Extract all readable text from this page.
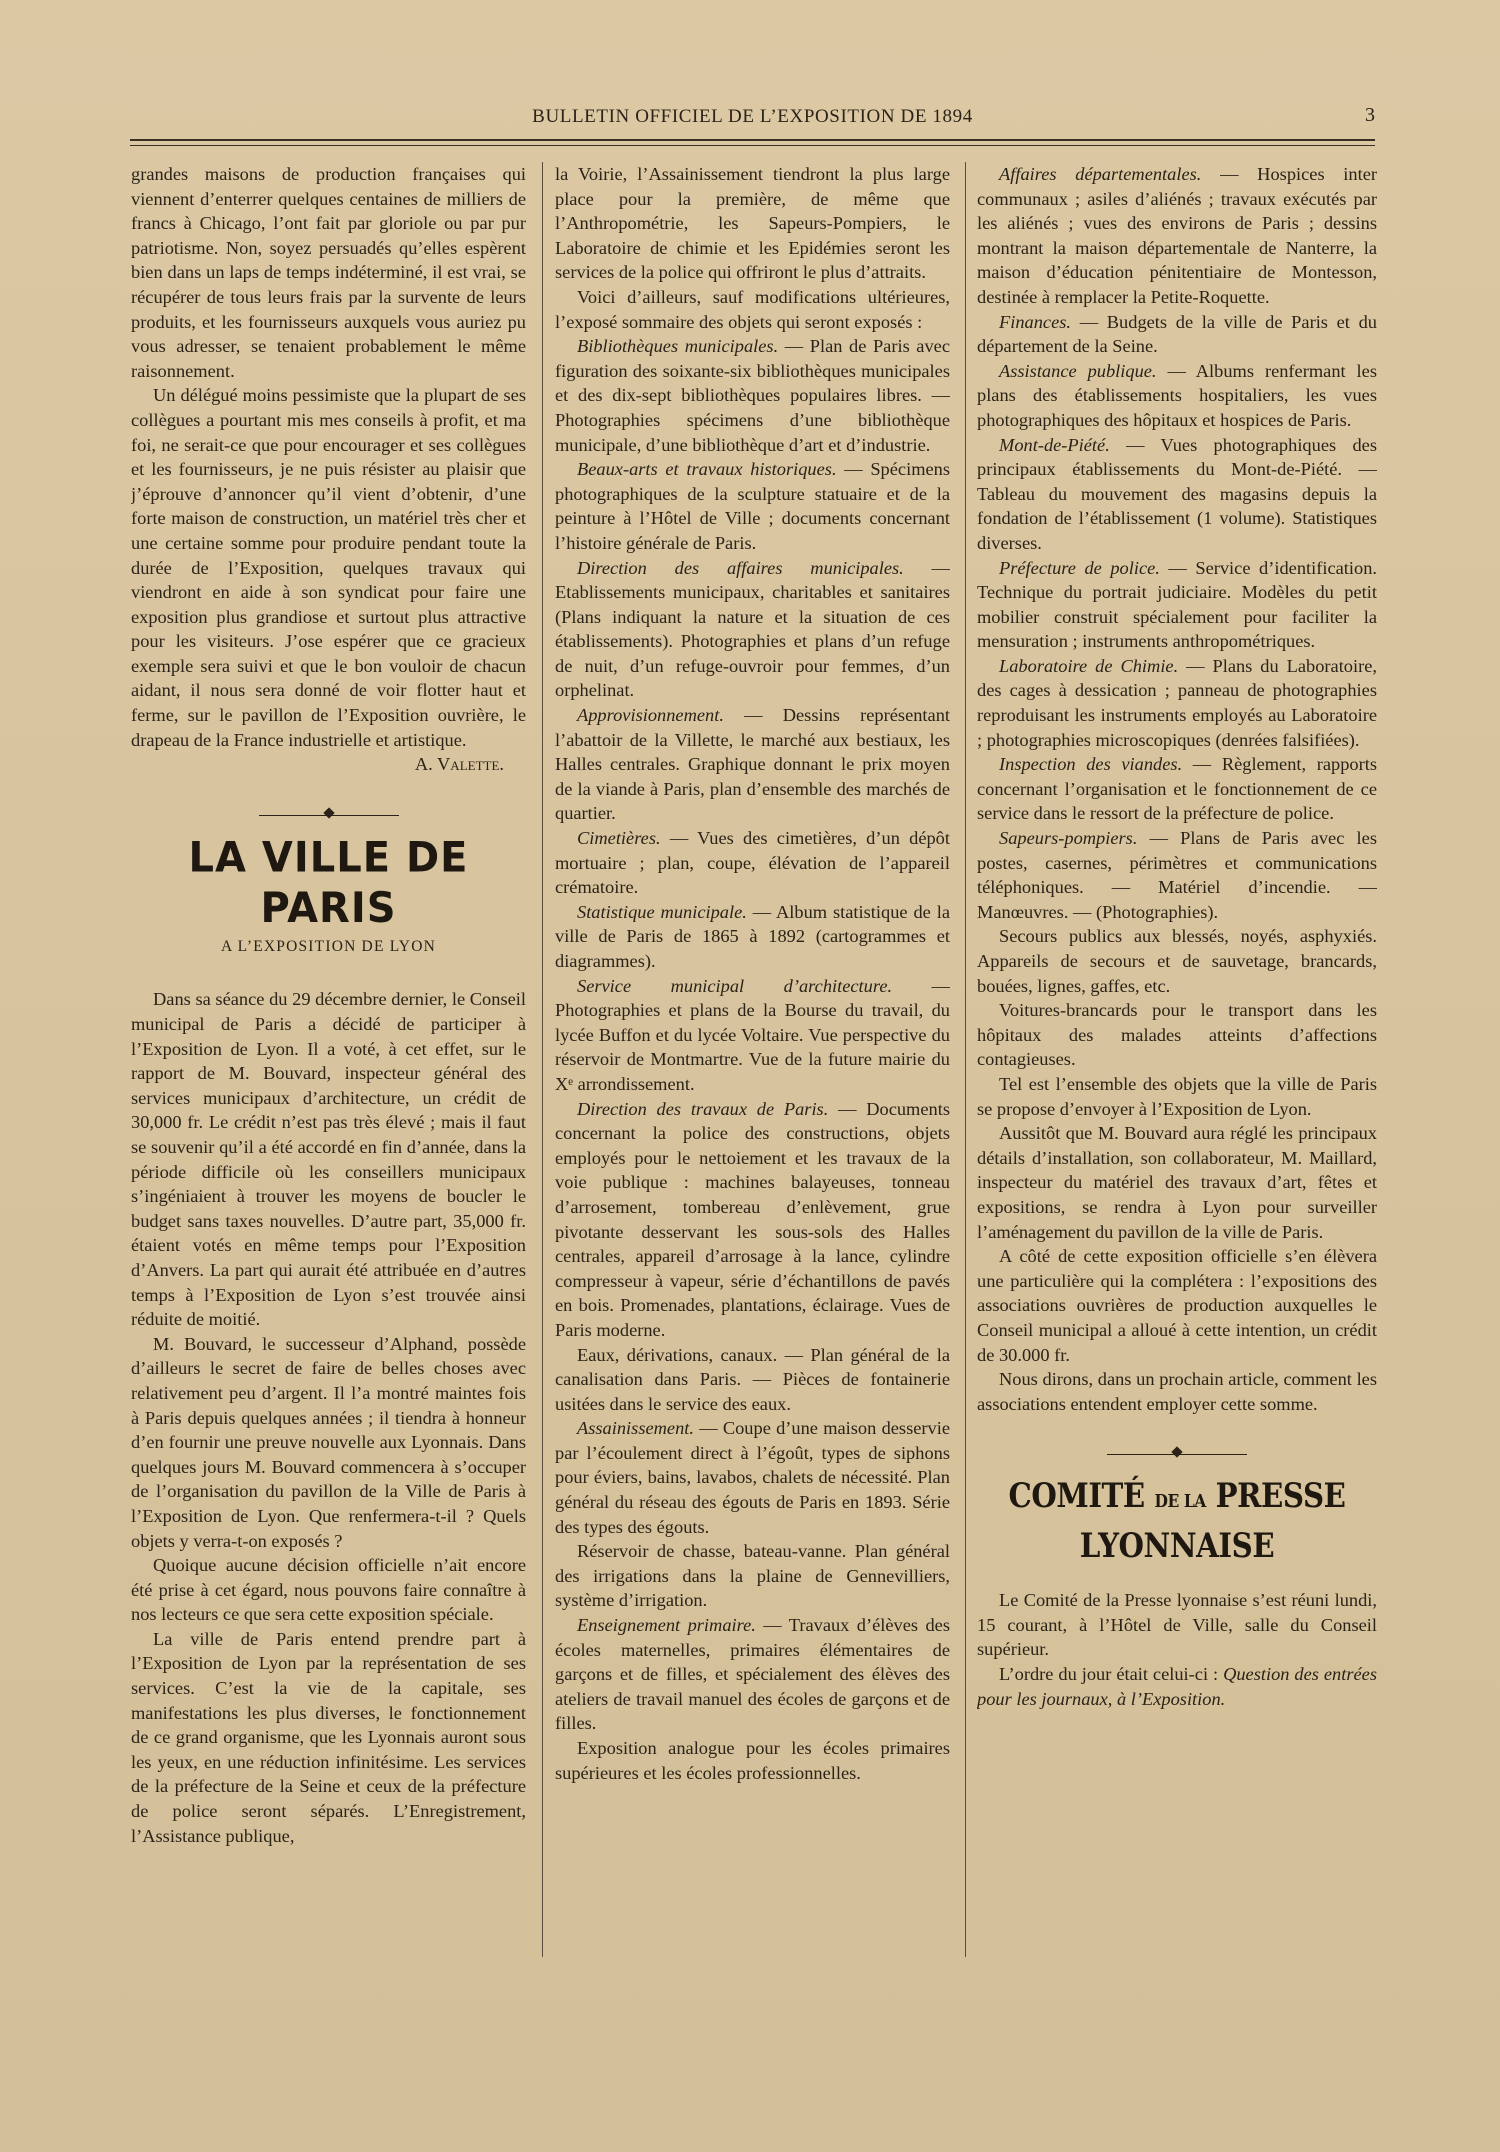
BULLETIN OFFICIEL DE L’EXPOSITION DE 1894	3

grandes maisons de production françaises qui viennent d’enterrer quelques centaines de milliers de francs à Chicago, l’ont fait par gloriole ou par pur patriotisme. Non, soyez persuadés qu’elles espèrent bien dans un laps de temps indéterminé, il est vrai, se récupérer de tous leurs frais par la survente de leurs produits, et les fournisseurs auxquels vous auriez pu vous adresser, se tenaient probablement le même raisonnement.

Un délégué moins pessimiste que la plupart de ses collègues a pourtant mis mes conseils à profit, et ma foi, ne serait-ce que pour encourager et ses collègues et les fournisseurs, je ne puis résister au plaisir que j’éprouve d’annoncer qu’il vient d’obtenir, d’une forte maison de construction, un matériel très cher et une certaine somme pour produire pendant toute la durée de l’Exposition, quelques travaux qui viendront en aide à son syndicat pour faire une exposition plus grandiose et surtout plus attractive pour les visiteurs. J’ose espérer que ce gracieux exemple sera suivi et que le bon vouloir de chacun aidant, il nous sera donné de voir flotter haut et ferme, sur le pavillon de l’Exposition ouvrière, le drapeau de la France industrielle et artistique.

A. Valette.

LA VILLE DE PARIS
A L’EXPOSITION DE LYON

Dans sa séance du 29 décembre dernier, le Conseil municipal de Paris a décidé de participer à l’Exposition de Lyon. Il a voté, à cet effet, sur le rapport de M. Bouvard, inspecteur général des services municipaux d’architecture, un crédit de 30,000 fr. Le crédit n’est pas très élevé ; mais il faut se souvenir qu’il a été accordé en fin d’année, dans la période difficile où les conseillers municipaux s’ingéniaient à trouver les moyens de boucler le budget sans taxes nouvelles. D’autre part, 35,000 fr. étaient votés en même temps pour l’Exposition d’Anvers. La part qui aurait été attribuée en d’autres temps à l’Exposition de Lyon s’est trouvée ainsi réduite de moitié.

M. Bouvard, le successeur d’Alphand, possède d’ailleurs le secret de faire de belles choses avec relativement peu d’argent. Il l’a montré maintes fois à Paris depuis quelques années ; il tiendra à honneur d’en fournir une preuve nouvelle aux Lyonnais. Dans quelques jours M. Bouvard commencera à s’occuper de l’organisation du pavillon de la Ville de Paris à l’Exposition de Lyon. Que renfermera-t-il ? Quels objets y verra-t-on exposés ?

Quoique aucune décision officielle n’ait encore été prise à cet égard, nous pouvons faire connaître à nos lecteurs ce que sera cette exposition spéciale.

La ville de Paris entend prendre part à l’Exposition de Lyon par la représentation de ses services. C’est la vie de la capitale, ses manifestations les plus diverses, le fonctionnement de ce grand organisme, que les Lyonnais auront sous les yeux, en une réduction infinitésime. Les services de la préfecture de la Seine et ceux de la préfecture de police seront séparés. L’Enregistrement, l’Assistance publique,

la Voirie, l’Assainissement tiendront la plus large place pour la première, de même que l’Anthropométrie, les Sapeurs-Pompiers, le Laboratoire de chimie et les Epidémies seront les services de la police qui offriront le plus d’attraits.

Voici d’ailleurs, sauf modifications ultérieures, l’exposé sommaire des objets qui seront exposés :

Bibliothèques municipales. — Plan de Paris avec figuration des soixante-six bibliothèques municipales et des dix-sept bibliothèques populaires libres. — Photographies spécimens d’une bibliothèque municipale, d’une bibliothèque d’art et d’industrie.

Beaux-arts et travaux historiques. — Spécimens photographiques de la sculpture statuaire et de la peinture à l’Hôtel de Ville ; documents concernant l’histoire générale de Paris.

Direction des affaires municipales. — Etablissements municipaux, charitables et sanitaires (Plans indiquant la nature et la situation de ces établissements). Photographies et plans d’un refuge de nuit, d’un refuge-ouvroir pour femmes, d’un orphelinat.

Approvisionnement. — Dessins représentant l’abattoir de la Villette, le marché aux bestiaux, les Halles centrales. Graphique donnant le prix moyen de la viande à Paris, plan d’ensemble des marchés de quartier.

Cimetières. — Vues des cimetières, d’un dépôt mortuaire ; plan, coupe, élévation de l’appareil crématoire.

Statistique municipale. — Album statistique de la ville de Paris de 1865 à 1892 (cartogrammes et diagrammes).

Service municipal d’architecture. — Photographies et plans de la Bourse du travail, du lycée Buffon et du lycée Voltaire. Vue perspective du réservoir de Montmartre. Vue de la future mairie du Xᵉ arrondissement.

Direction des travaux de Paris. — Documents concernant la police des constructions, objets employés pour le nettoiement et les travaux de la voie publique : machines balayeuses, tonneau d’arrosement, tombereau d’enlèvement, grue pivotante desservant les sous-sols des Halles centrales, appareil d’arrosage à la lance, cylindre compresseur à vapeur, série d’échantillons de pavés en bois. Promenades, plantations, éclairage. Vues de Paris moderne.

Eaux, dérivations, canaux. — Plan général de la canalisation dans Paris. — Pièces de fontainerie usitées dans le service des eaux.

Assainissement. — Coupe d’une maison desservie par l’écoulement direct à l’égoût, types de siphons pour éviers, bains, lavabos, chalets de nécessité. Plan général du réseau des égouts de Paris en 1893. Série des types des égouts.

Réservoir de chasse, bateau-vanne. Plan général des irrigations dans la plaine de Gennevilliers, système d’irrigation.

Enseignement primaire. — Travaux d’élèves des écoles maternelles, primaires élémentaires de garçons et de filles, et spécialement des élèves des ateliers de travail manuel des écoles de garçons et de filles.

Exposition analogue pour les écoles primaires supérieures et les écoles professionnelles.

Affaires départementales. — Hospices inter communaux ; asiles d’aliénés ; travaux exécutés par les aliénés ; vues des environs de Paris ; dessins montrant la maison départementale de Nanterre, la maison d’éducation pénitentiaire de Montesson, destinée à remplacer la Petite-Roquette.

Finances. — Budgets de la ville de Paris et du département de la Seine.

Assistance publique. — Albums renfermant les plans des établissements hospitaliers, les vues photographiques des hôpitaux et hospices de Paris.

Mont-de-Piété. — Vues photographiques des principaux établissements du Mont-de-Piété. — Tableau du mouvement des magasins depuis la fondation de l’établissement (1 volume). Statistiques diverses.

Préfecture de police. — Service d’identification. Technique du portrait judiciaire. Modèles du petit mobilier construit spécialement pour faciliter la mensuration ; instruments anthropométriques.

Laboratoire de Chimie. — Plans du Laboratoire, des cages à dessication ; panneau de photographies reproduisant les instruments employés au Laboratoire ; photographies microscopiques (denrées falsifiées).

Inspection des viandes. — Règlement, rapports concernant l’organisation et le fonctionnement de ce service dans le ressort de la préfecture de police.

Sapeurs-pompiers. — Plans de Paris avec les postes, casernes, périmètres et communications téléphoniques. — Matériel d’incendie. — Manœuvres. — (Photographies).

Secours publics aux blessés, noyés, asphyxiés. Appareils de secours et de sauvetage, brancards, bouées, lignes, gaffes, etc.

Voitures-brancards pour le transport dans les hôpitaux des malades atteints d’affections contagieuses.

Tel est l’ensemble des objets que la ville de Paris se propose d’envoyer à l’Exposition de Lyon.

Aussitôt que M. Bouvard aura réglé les principaux détails d’installation, son collaborateur, M. Maillard, inspecteur du matériel des travaux d’art, fêtes et expositions, se rendra à Lyon pour surveiller l’aménagement du pavillon de la ville de Paris.

A côté de cette exposition officielle s’en élèvera une particulière qui la complétera : l’expositions des associations ouvrières de production auxquelles le Conseil municipal a alloué à cette intention, un crédit de 30.000 fr.

Nous dirons, dans un prochain article, comment les associations entendent employer cette somme.

COMITÉ DE LA PRESSE LYONNAISE

Le Comité de la Presse lyonnaise s’est réuni lundi, 15 courant, à l’Hôtel de Ville, salle du Conseil supérieur.

L’ordre du jour était celui-ci : Question des entrées pour les journaux, à l’Exposition.
